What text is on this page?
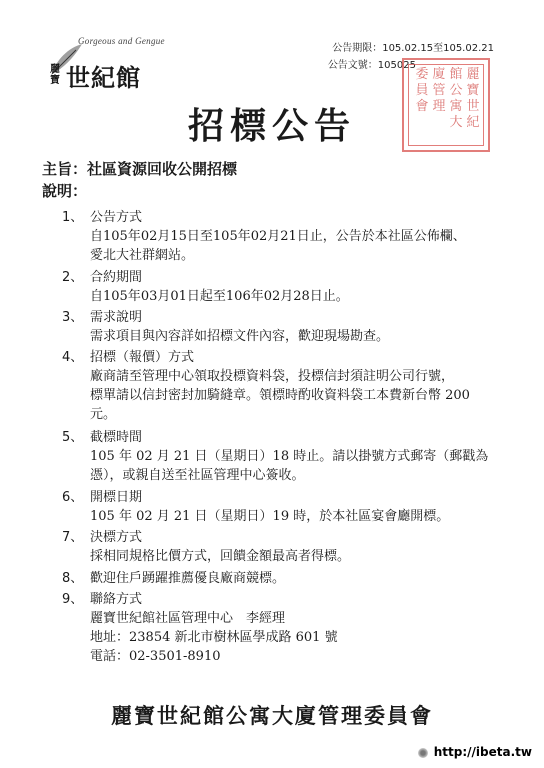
Gorgeous and Gengue
麗寶 世紀館
公告期限：105.02.15至105.02.21
公告文號：105025
麗
寶
世
紀
館
公
寓
大
廈
管
理
委
員
會
招標公告
主旨：社區資源回收公開招標
說明：
1、 公告方式
自105年02月15日至105年02月21日止，公告於本社區公佈欄、
愛北大社群網站。
2、 合約期間
自105年03月01日起至106年02月28日止。
3、 需求說明
需求項目與內容詳如招標文件內容，歡迎現場勘查。
4、 招標（報價）方式
廠商請至管理中心領取投標資料袋，投標信封須註明公司行號，
標單請以信封密封加騎縫章。領標時酌收資料袋工本費新台幣 200
元。
5、 截標時間
105 年 02 月 21 日（星期日）18 時止。請以掛號方式郵寄（郵戳為
憑），或親自送至社區管理中心簽收。
6、 開標日期
105 年 02 月 21 日（星期日）19 時，於本社區宴會廳開標。
7、 決標方式
採相同規格比價方式，回饋金額最高者得標。
8、 歡迎住戶踴躍推薦優良廠商競標。
9、 聯絡方式
麗寶世紀館社區管理中心　李經理
地址：23854 新北市樹林區學成路 601 號
電話：02-3501-8910
麗寶世紀館公寓大廈管理委員會
http://ibeta.tw
